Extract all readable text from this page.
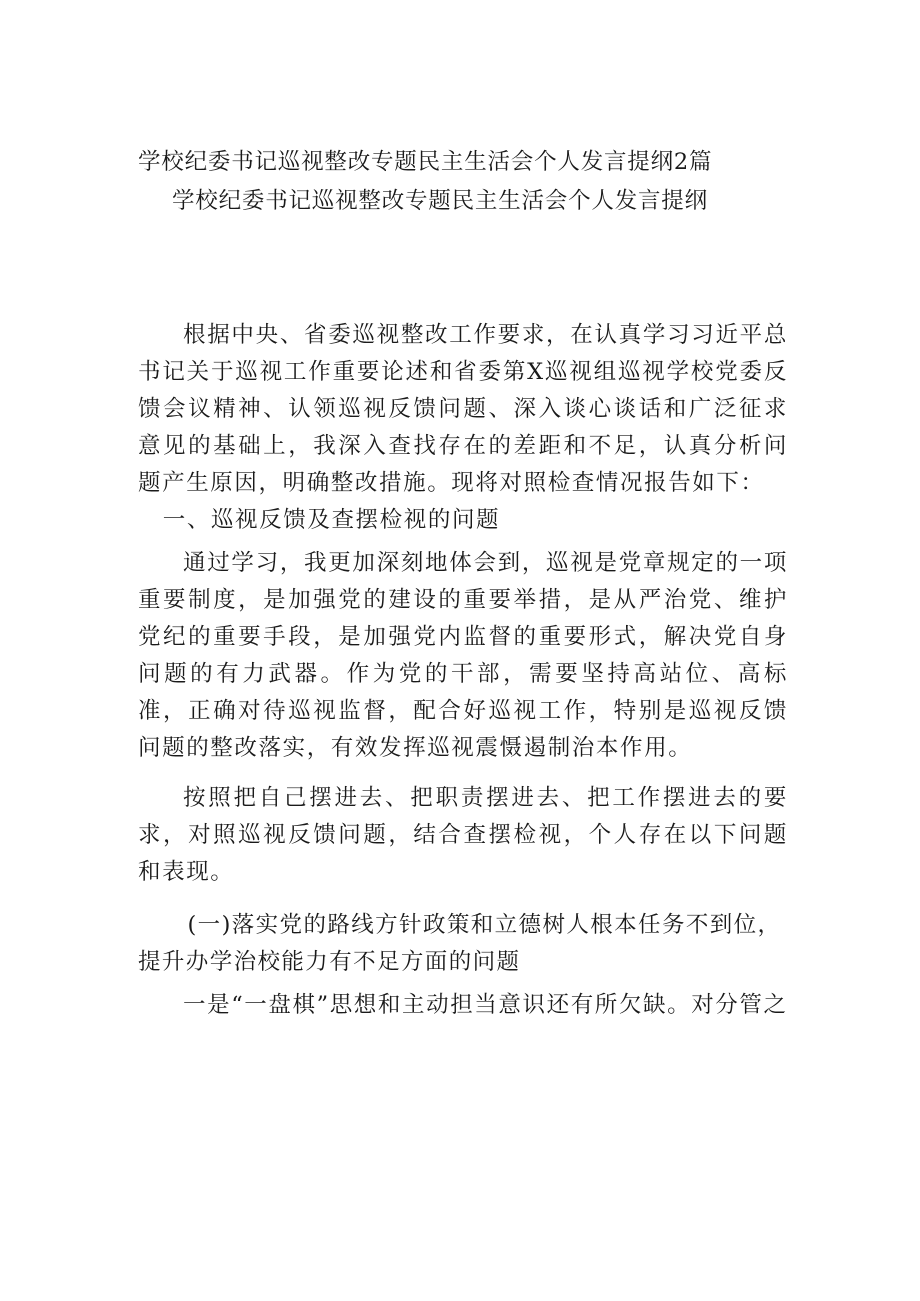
学校纪委书记巡视整改专题民主生活会个人发言提纲2篇
学校纪委书记巡视整改专题民主生活会个人发言提纲

根据中央、省委巡视整改工作要求，在认真学习习近平总书记关于巡视工作重要论述和省委第X巡视组巡视学校党委反馈会议精神、认领巡视反馈问题、深入谈心谈话和广泛征求意见的基础上，我深入查找存在的差距和不足，认真分析问题产生原因，明确整改措施。现将对照检查情况报告如下：

一、巡视反馈及查摆检视的问题

通过学习，我更加深刻地体会到，巡视是党章规定的一项重要制度，是加强党的建设的重要举措，是从严治党、维护党纪的重要手段，是加强党内监督的重要形式，解决党自身问题的有力武器。作为党的干部，需要坚持高站位、高标准，正确对待巡视监督，配合好巡视工作，特别是巡视反馈问题的整改落实，有效发挥巡视震慑遏制治本作用。

按照把自己摆进去、把职责摆进去、把工作摆进去的要求，对照巡视反馈问题，结合查摆检视，个人存在以下问题和表现。

(一)落实党的路线方针政策和立德树人根本任务不到位，提升办学治校能力有不足方面的问题

一是“一盘棋”思想和主动担当意识还有所欠缺。对分管之
